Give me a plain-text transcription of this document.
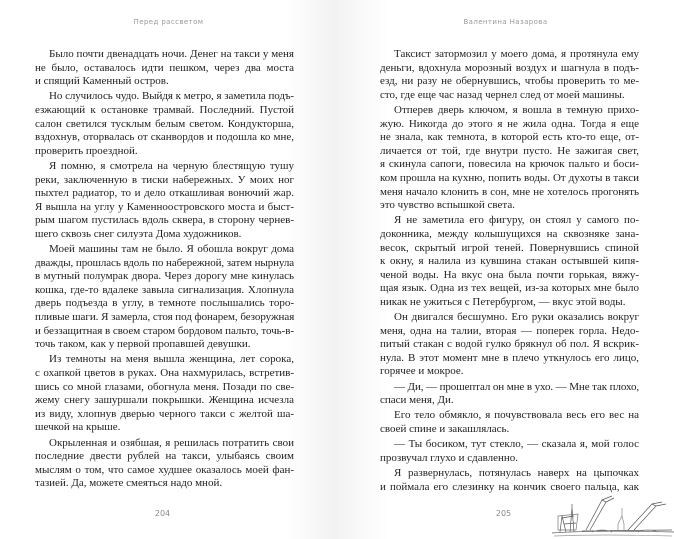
Перед рассветом
Было почти двенадцать ночи. Денег на такси у меня
не было, оставалось идти пешком, через два моста
и спящий Каменный остров.
Но случилось чудо. Выйдя к метро, я заметила подъ-
езжающий к остановке трамвай. Последний. Пустой
салон светился тусклым белым светом. Кондукторша,
вздохнув, оторвалась от сканвордов и подошла ко мне,
проверить проездной.
Я помню, я смотрела на черную блестящую тушу
реки, заключенную в тиски набережных. У моих ног
пыхтел радиатор, то и дело откашливая вонючий жар.
Я вышла на углу у Каменноостровского моста и быст-
рым шагом пустилась вдоль сквера, в сторону чернев-
шего сквозь снег силуэта Дома художников.
Моей машины там не было. Я обошла вокруг дома
дважды, прошлась вдоль по набережной, затем нырнула
в мутный полумрак двора. Через дорогу мне кинулась
кошка, где-то вдалеке завыла сигнализация. Хлопнула
дверь подъезда в углу, в темноте послышались торо-
пливые шаги. Я замерла, стоя под фонарем, безоружная
и беззащитная в своем старом бордовом пальто, точь-в-
точь таком, как у первой пропавшей девушки.
Из темноты на меня вышла женщина, лет сорока,
с охапкой цветов в руках. Она нахмурилась, встретив-
шись со мной глазами, обогнула меня. Позади по све-
жему снегу зашуршали покрышки. Женщина исчезла
из виду, хлопнув дверью черного такси с желтой ша-
шечкой на крыше.
Окрыленная и озябшая, я решилась потратить свои
последние двести рублей на такси, улыбаясь своим
мыслям о том, что самое худшее оказалось моей фан-
тазией. Да, можете смеяться надо мной.
204
Валентина Назарова
Таксист затормозил у моего дома, я протянула ему
деньги, вдохнула морозный воздух и шагнула в подъ-
езд, ни разу не обернувшись, чтобы проверить то ме-
сто, где еще час назад чернел след от моей машины.
Отперев дверь ключом, я вошла в темную прихо-
жую. Никогда до этого я не жила одна. Тогда я еще
не знала, как темнота, в которой есть кто-то еще, от-
личается от той, где внутри пусто. Не зажигая свет,
я скинула сапоги, повесила на крючок пальто и боси-
ком прошла на кухню, попить воды. От духоты в такси
меня начало клонить в сон, мне не хотелось прогонять
это чувство вспышкой света.
Я не заметила его фигуру, он стоял у самого по-
доконника, между колышущихся на сквозняке зана-
весок, скрытый игрой теней. Повернувшись спиной
к окну, я налила из кувшина стакан остывшей кипя-
ченой воды. На вкус она была почти горькая, вяжу-
щая язык. Одна из тех вещей, из-за которых мне было
никак не ужиться с Петербургом, — вкус этой воды.
Он двигался бесшумно. Его руки оказались вокруг
меня, одна на талии, вторая — поперек горла. Недо-
питый стакан с водой гулко брякнул об пол. Я вскрик-
нула. В этот момент мне в плечо уткнулось его лицо,
горячее и мокрое.
— Ди, — прошептал он мне в ухо. — Мне так плохо,
спаси меня, Ди.
Его тело обмякло, я почувствовала весь его вес на
своей спине и закашлялась.
— Ты босиком, тут стекло, — сказала я, мой голос
прозвучал глухо и сдавленно.
Я развернулась, потянулась наверх на цыпочках
и поймала его слезинку на кончик своего пальца, как
205
